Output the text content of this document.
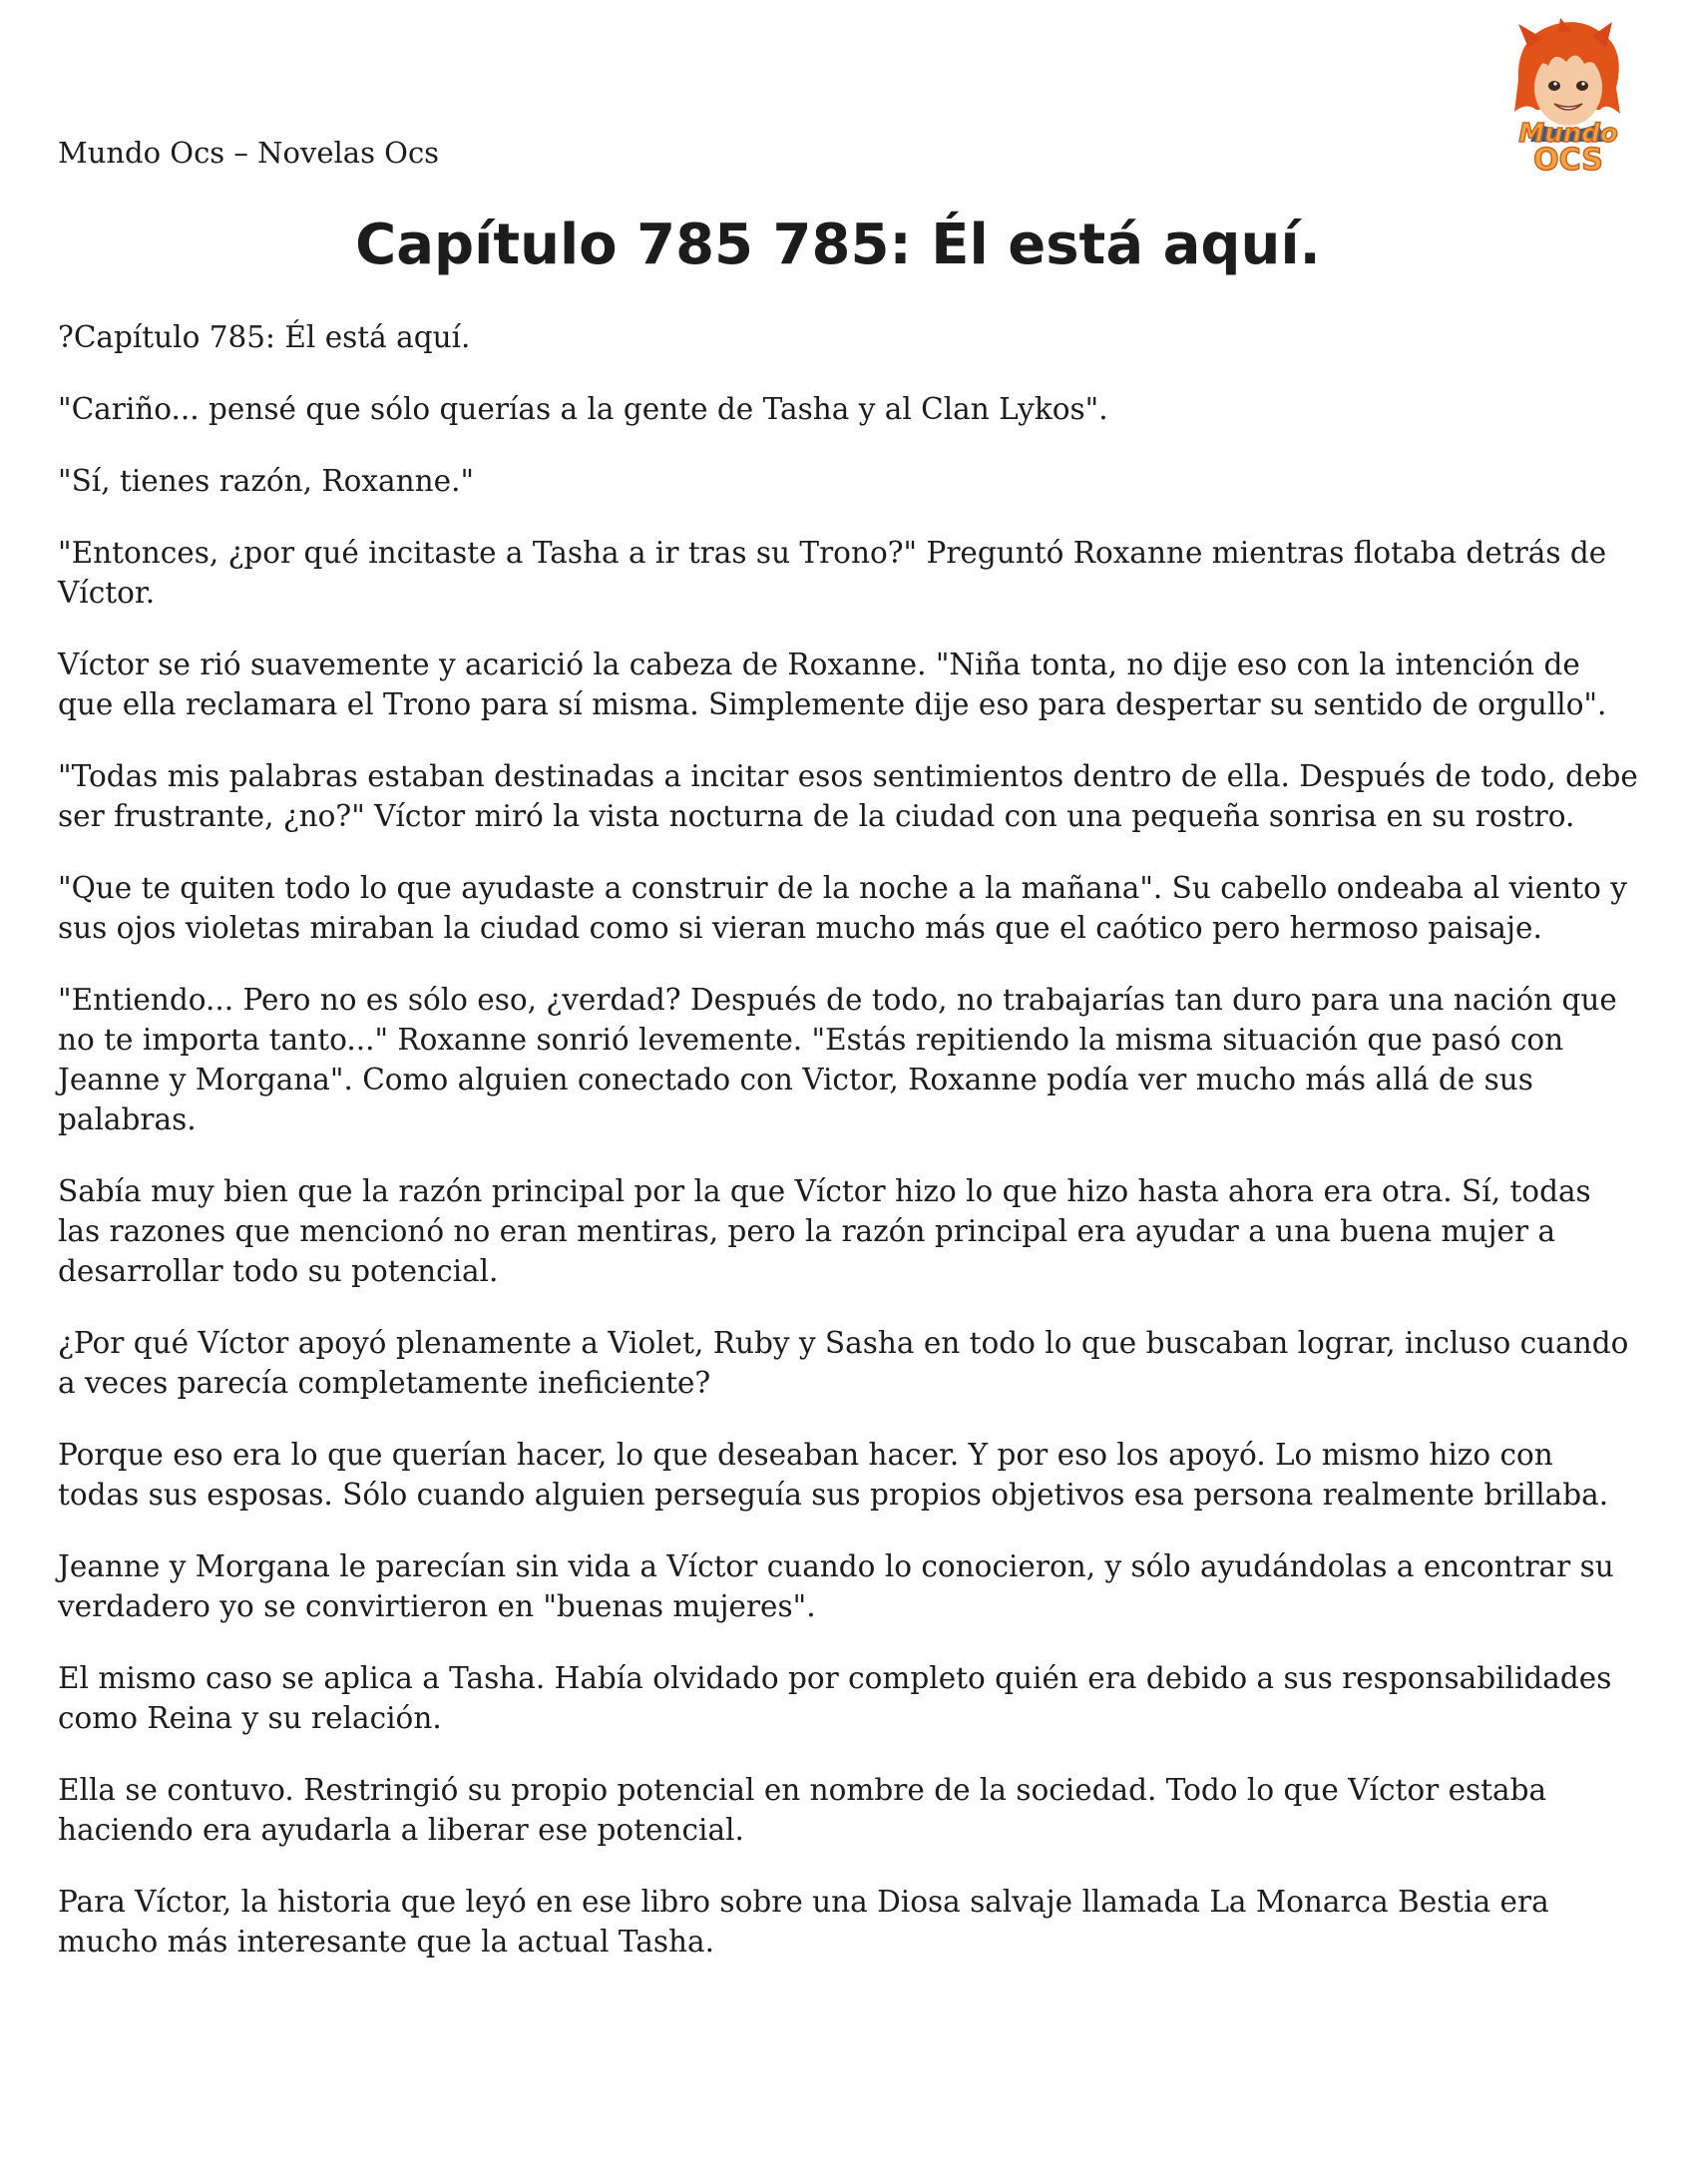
Mundo Ocs – Novelas Ocs
Mundo
OCS
Capítulo 785 785: Él está aquí.

?Capítulo 785: Él está aquí.

"Cariño... pensé que sólo querías a la gente de Tasha y al Clan Lykos".

"Sí, tienes razón, Roxanne."

"Entonces, ¿por qué incitaste a Tasha a ir tras su Trono?" Preguntó Roxanne mientras flotaba detrás de Víctor.

Víctor se rió suavemente y acarició la cabeza de Roxanne. "Niña tonta, no dije eso con la intención de que ella reclamara el Trono para sí misma. Simplemente dije eso para despertar su sentido de orgullo".

"Todas mis palabras estaban destinadas a incitar esos sentimientos dentro de ella. Después de todo, debe ser frustrante, ¿no?" Víctor miró la vista nocturna de la ciudad con una pequeña sonrisa en su rostro.

"Que te quiten todo lo que ayudaste a construir de la noche a la mañana". Su cabello ondeaba al viento y sus ojos violetas miraban la ciudad como si vieran mucho más que el caótico pero hermoso paisaje.

"Entiendo... Pero no es sólo eso, ¿verdad? Después de todo, no trabajarías tan duro para una nación que no te importa tanto..." Roxanne sonrió levemente. "Estás repitiendo la misma situación que pasó con Jeanne y Morgana". Como alguien conectado con Victor, Roxanne podía ver mucho más allá de sus palabras.

Sabía muy bien que la razón principal por la que Víctor hizo lo que hizo hasta ahora era otra. Sí, todas las razones que mencionó no eran mentiras, pero la razón principal era ayudar a una buena mujer a desarrollar todo su potencial.

¿Por qué Víctor apoyó plenamente a Violet, Ruby y Sasha en todo lo que buscaban lograr, incluso cuando a veces parecía completamente ineficiente?

Porque eso era lo que querían hacer, lo que deseaban hacer. Y por eso los apoyó. Lo mismo hizo con todas sus esposas. Sólo cuando alguien perseguía sus propios objetivos esa persona realmente brillaba.

Jeanne y Morgana le parecían sin vida a Víctor cuando lo conocieron, y sólo ayudándolas a encontrar su verdadero yo se convirtieron en "buenas mujeres".

El mismo caso se aplica a Tasha. Había olvidado por completo quién era debido a sus responsabilidades como Reina y su relación.

Ella se contuvo. Restringió su propio potencial en nombre de la sociedad. Todo lo que Víctor estaba haciendo era ayudarla a liberar ese potencial.

Para Víctor, la historia que leyó en ese libro sobre una Diosa salvaje llamada La Monarca Bestia era mucho más interesante que la actual Tasha.
